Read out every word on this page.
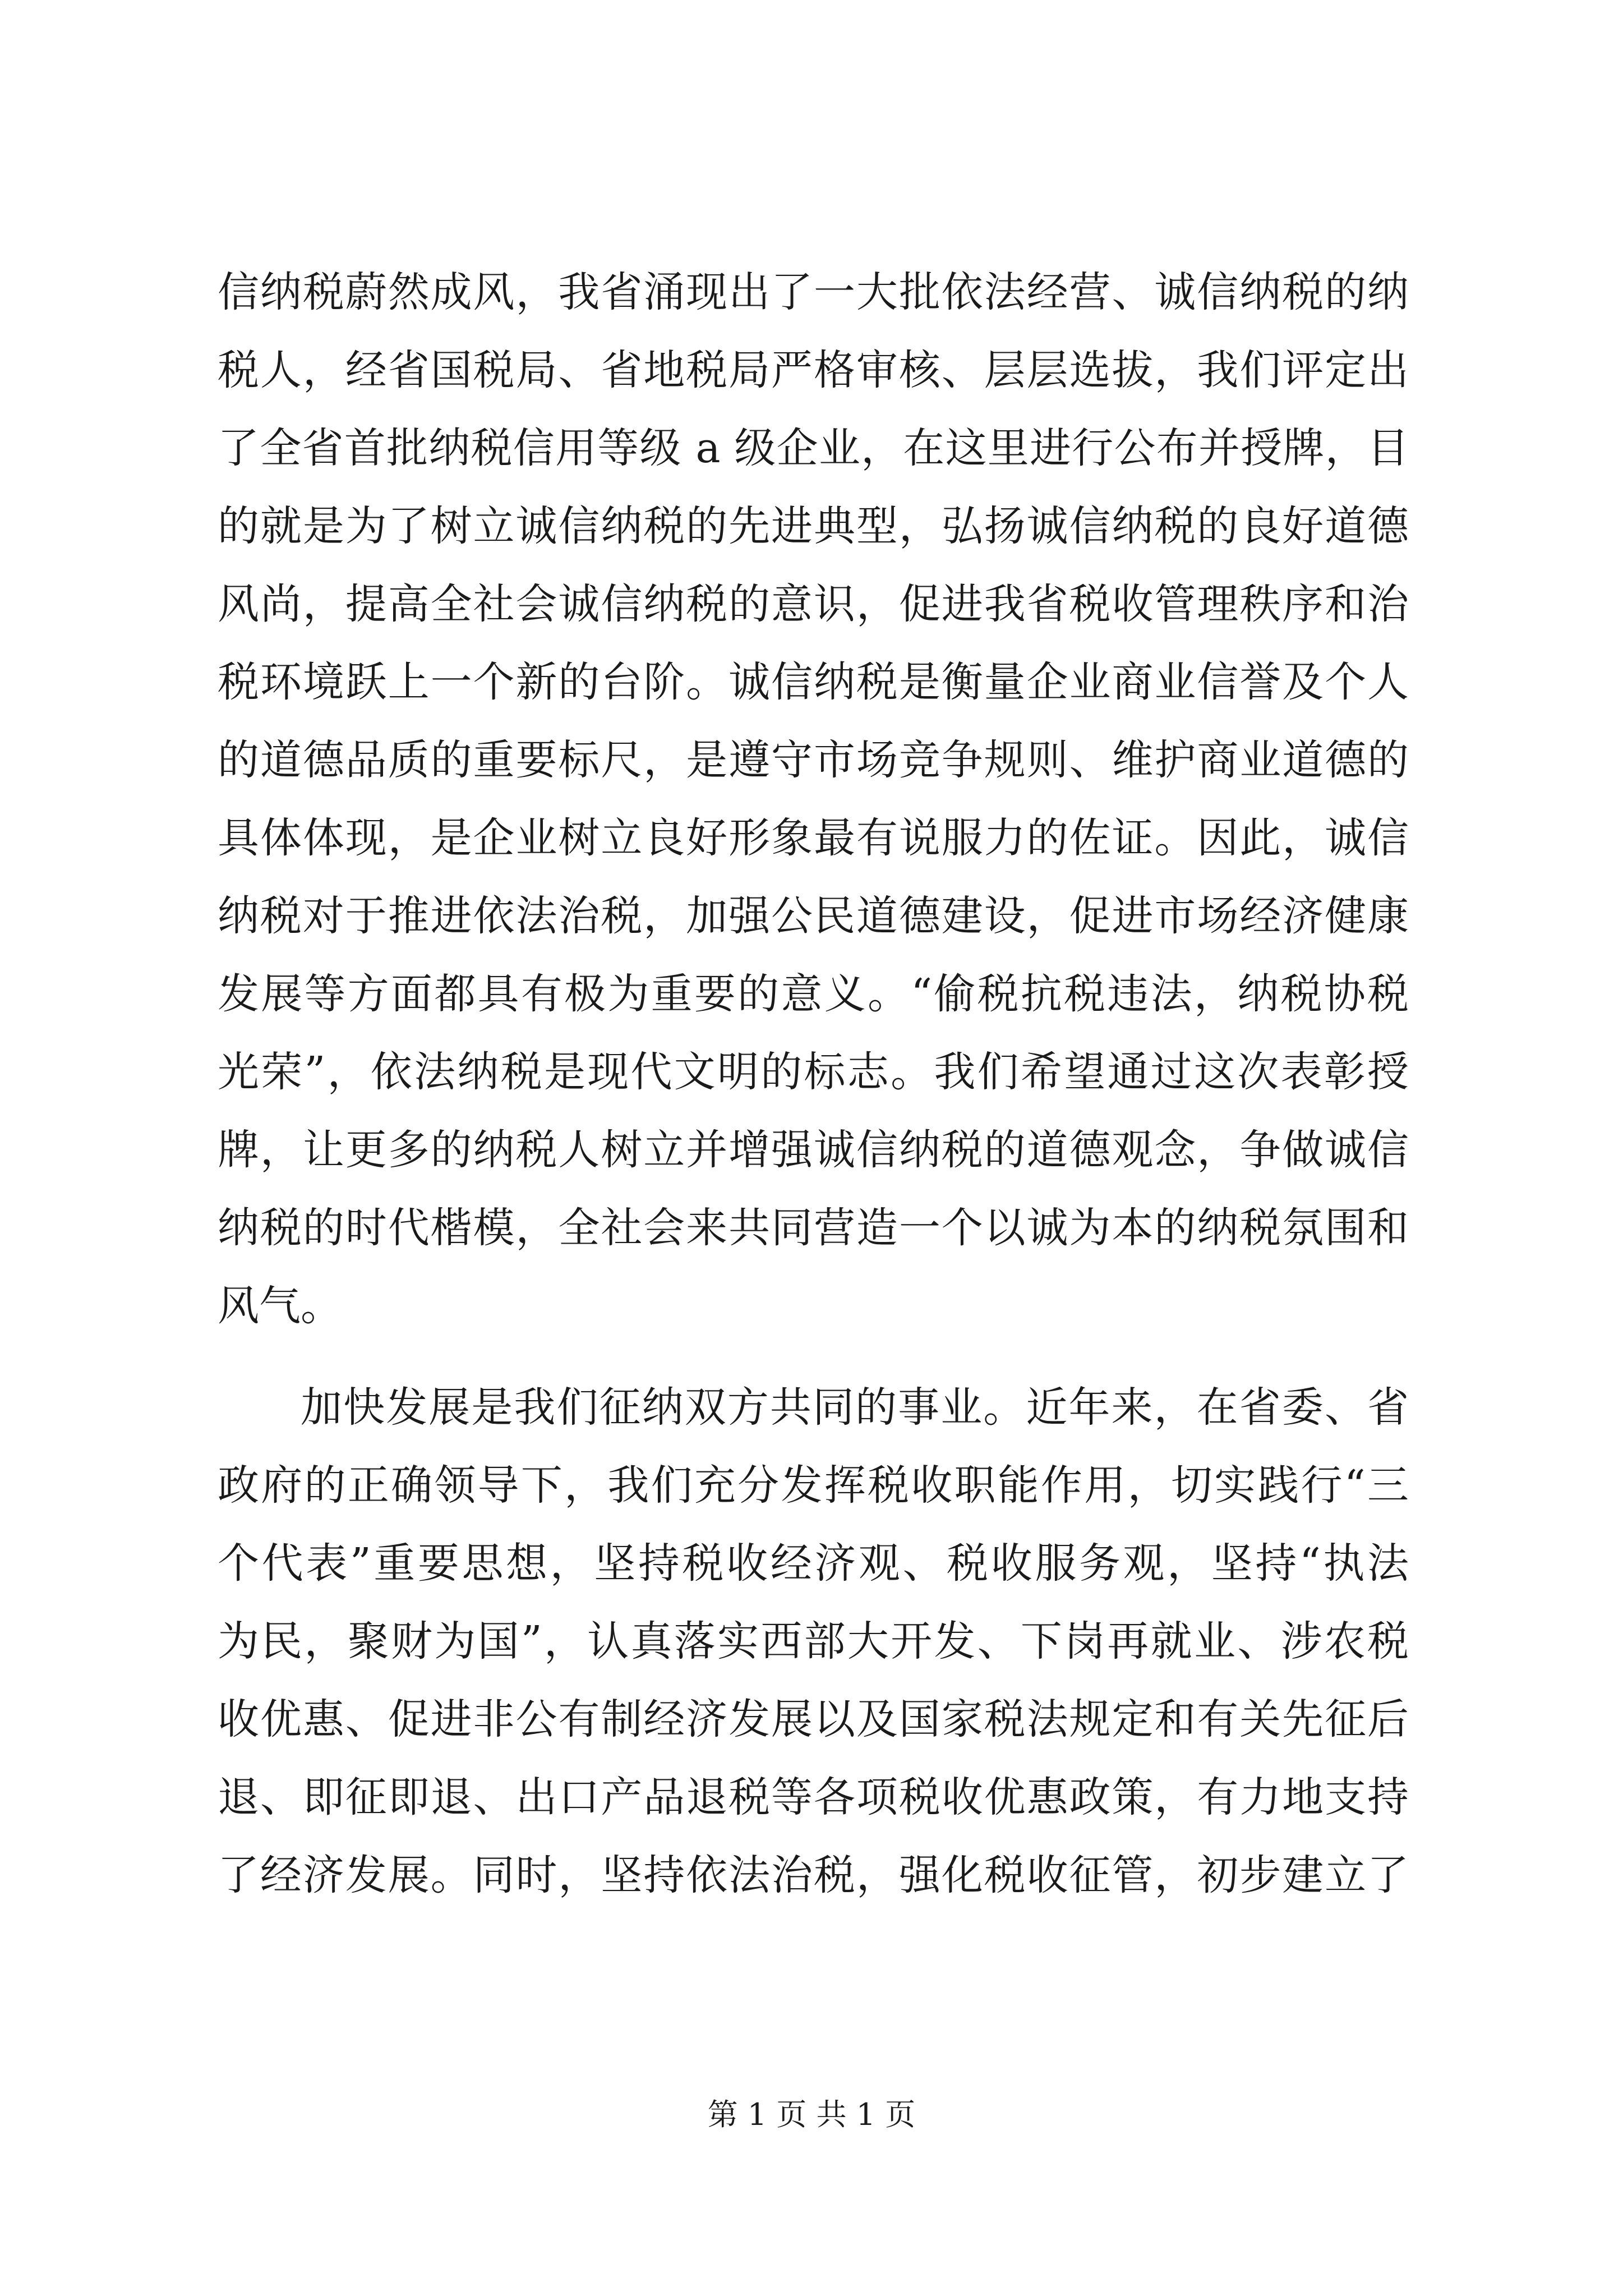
信纳税蔚然成风，我省涌现出了一大批依法经营、诚信纳税的纳
税人，经省国税局、省地税局严格审核、层层选拔，我们评定出
了全省首批纳税信用等级 a 级企业，在这里进行公布并授牌，目
的就是为了树立诚信纳税的先进典型，弘扬诚信纳税的良好道德
风尚，提高全社会诚信纳税的意识，促进我省税收管理秩序和治
税环境跃上一个新的台阶。诚信纳税是衡量企业商业信誉及个人
的道德品质的重要标尺，是遵守市场竞争规则、维护商业道德的
具体体现，是企业树立良好形象最有说服力的佐证。因此，诚信
纳税对于推进依法治税，加强公民道德建设，促进市场经济健康
发展等方面都具有极为重要的意义。“偷税抗税违法，纳税协税
光荣”，依法纳税是现代文明的标志。我们希望通过这次表彰授
牌，让更多的纳税人树立并增强诚信纳税的道德观念，争做诚信
纳税的时代楷模，全社会来共同营造一个以诚为本的纳税氛围和
风气。
加快发展是我们征纳双方共同的事业。近年来，在省委、省
政府的正确领导下，我们充分发挥税收职能作用，切实践行“三
个代表”重要思想，坚持税收经济观、税收服务观，坚持“执法
为民，聚财为国”，认真落实西部大开发、下岗再就业、涉农税
收优惠、促进非公有制经济发展以及国家税法规定和有关先征后
退、即征即退、出口产品退税等各项税收优惠政策，有力地支持
了经济发展。同时，坚持依法治税，强化税收征管，初步建立了
第 1 页 共 1 页
